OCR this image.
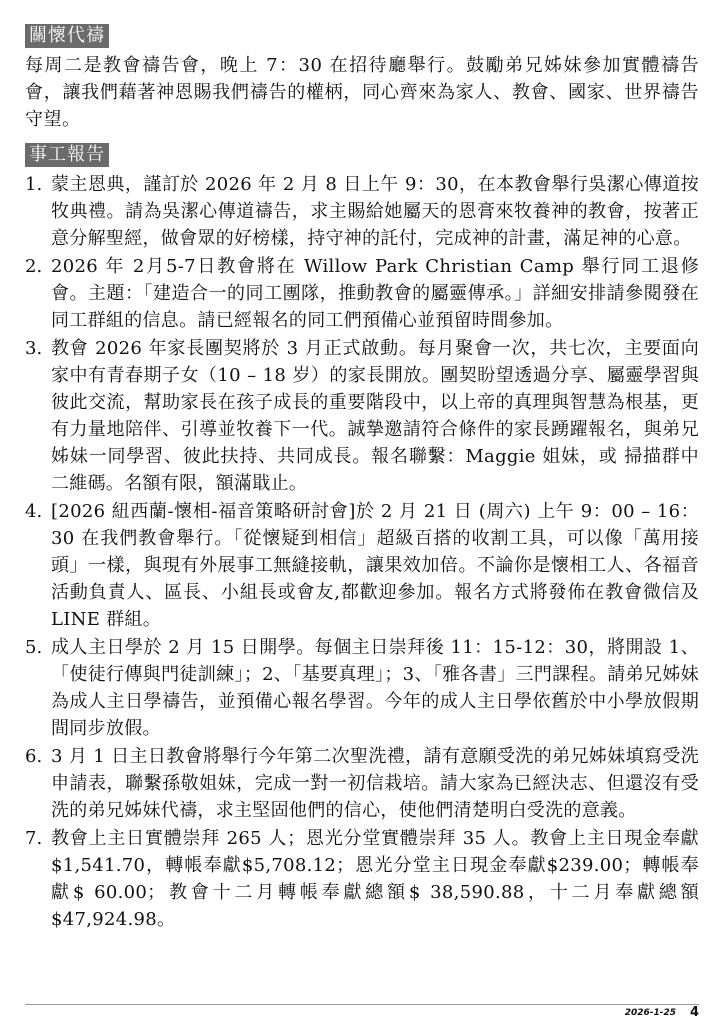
關懷代禱

每周二是教會禱告會，晚上 7：30 在招待廳舉行。鼓勵弟兄姊妹參加實體禱告會，讓我們藉著神恩賜我們禱告的權柄，同心齊來為家人、教會、國家、世界禱告守望。

事工報告
1. 蒙主恩典，謹訂於 2026 年 2 月 8 日上午 9：30，在本教會舉行吳潔心傳道按牧典禮。請為吳潔心傳道禱告，求主賜給她屬天的恩膏來牧養神的教會，按著正意分解聖經，做會眾的好榜樣，持守神的託付，完成神的計畫，滿足神的心意。
2. 2026 年 2月5-7日教會將在 Willow Park Christian Camp 舉行同工退修會。主題：「建造合一的同工團隊，推動教會的屬靈傳承。」詳細安排請參閱發在同工群組的信息。請已經報名的同工們預備心並預留時間參加。
3. 教會 2026 年家長團契將於 3 月正式啟動。每月聚會一次，共七次，主要面向家中有青春期子女（10 – 18 岁）的家長開放。團契盼望透過分享、屬靈學習與彼此交流，幫助家長在孩子成長的重要階段中，以上帝的真理與智慧為根基，更有力量地陪伴、引導並牧養下一代。誠摯邀請符合條件的家長踴躍報名，與弟兄姊妹一同學習、彼此扶持、共同成長。報名聯繫：Maggie 姐妹，或 掃描群中二維碼。名額有限，額滿戢止。
4. [2026 紐西蘭-懷相-福音策略研討會]於 2 月 21 日 (周六) 上午 9：00 – 16：30 在我們教會舉行。「從懷疑到相信」超級百搭的收割工具，可以像「萬用接頭」一樣，與現有外展事工無縫接軌，讓果效加倍。不論你是懷相工人、各福音活動負責人、區長、小組長或會友,都歡迎參加。報名方式將發佈在教會微信及 LINE 群組。
5. 成人主日學於 2 月 15 日開學。每個主日崇拜後 11：15-12：30，將開設 1、「使徒行傳與門徒訓練」；2、「基要真理」；3、「雅各書」三門課程。請弟兄姊妹為成人主日學禱告，並預備心報名學習。今年的成人主日學依舊於中小學放假期間同步放假。
6. 3 月 1 日主日教會將舉行今年第二次聖洗禮，請有意願受洗的弟兄姊妹填寫受洗申請表，聯繫孫敬姐妹，完成一對一初信栽培。請大家為已經決志、但還沒有受洗的弟兄姊妹代禱，求主堅固他們的信心，使他們清楚明白受洗的意義。
7. 教會上主日實體崇拜 265 人；恩光分堂實體崇拜 35 人。教會上主日現金奉獻$1,541.70，轉帳奉獻$5,708.12；恩光分堂主日現金奉獻$239.00；轉帳奉獻$ 60.00；教會十二月轉帳奉獻總額$ 38,590.88，十二月奉獻總額$47,924.98。
2026-1-25 4
